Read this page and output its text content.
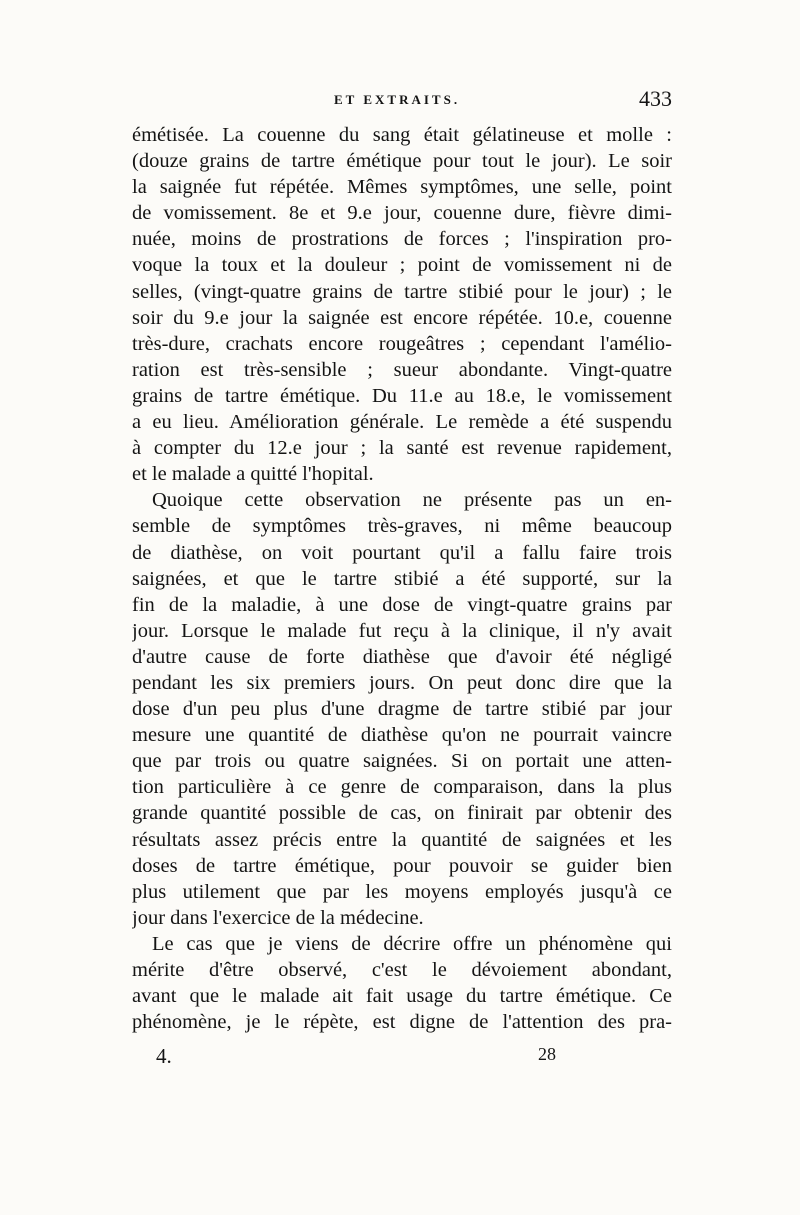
ET EXTRAITS.	433
émétisée. La couenne du sang était gélatineuse et molle :
(douze grains de tartre émétique pour tout le jour). Le soir
la saignée fut répétée. Mêmes symptômes, une selle, point
de vomissement. 8e et 9.e jour, couenne dure, fièvre dimi-
nuée, moins de prostrations de forces ; l'inspiration pro-
voque la toux et la douleur ; point de vomissement ni de
selles, (vingt-quatre grains de tartre stibié pour le jour) ; le
soir du 9.e jour la saignée est encore répétée. 10.e, couenne
très-dure, crachats encore rougeâtres ; cependant l'amélio-
ration est très-sensible ; sueur abondante. Vingt-quatre
grains de tartre émétique. Du 11.e au 18.e, le vomissement
a eu lieu. Amélioration générale. Le remède a été suspendu
à compter du 12.e jour ; la santé est revenue rapidement,
et le malade a quitté l'hopital.
Quoique cette observation ne présente pas un en-
semble de symptômes très-graves, ni même beaucoup
de diathèse, on voit pourtant qu'il a fallu faire trois
saignées, et que le tartre stibié a été supporté, sur la
fin de la maladie, à une dose de vingt-quatre grains par
jour. Lorsque le malade fut reçu à la clinique, il n'y avait
d'autre cause de forte diathèse que d'avoir été négligé
pendant les six premiers jours. On peut donc dire que la
dose d'un peu plus d'une dragme de tartre stibié par jour
mesure une quantité de diathèse qu'on ne pourrait vaincre
que par trois ou quatre saignées. Si on portait une atten-
tion particulière à ce genre de comparaison, dans la plus
grande quantité possible de cas, on finirait par obtenir des
résultats assez précis entre la quantité de saignées et les
doses de tartre émétique, pour pouvoir se guider bien
plus utilement que par les moyens employés jusqu'à ce
jour dans l'exercice de la médecine.
Le cas que je viens de décrire offre un phénomène qui
mérite d'être observé, c'est le dévoiement abondant,
avant que le malade ait fait usage du tartre émétique. Ce
phénomène, je le répète, est digne de l'attention des pra-
4.	28
